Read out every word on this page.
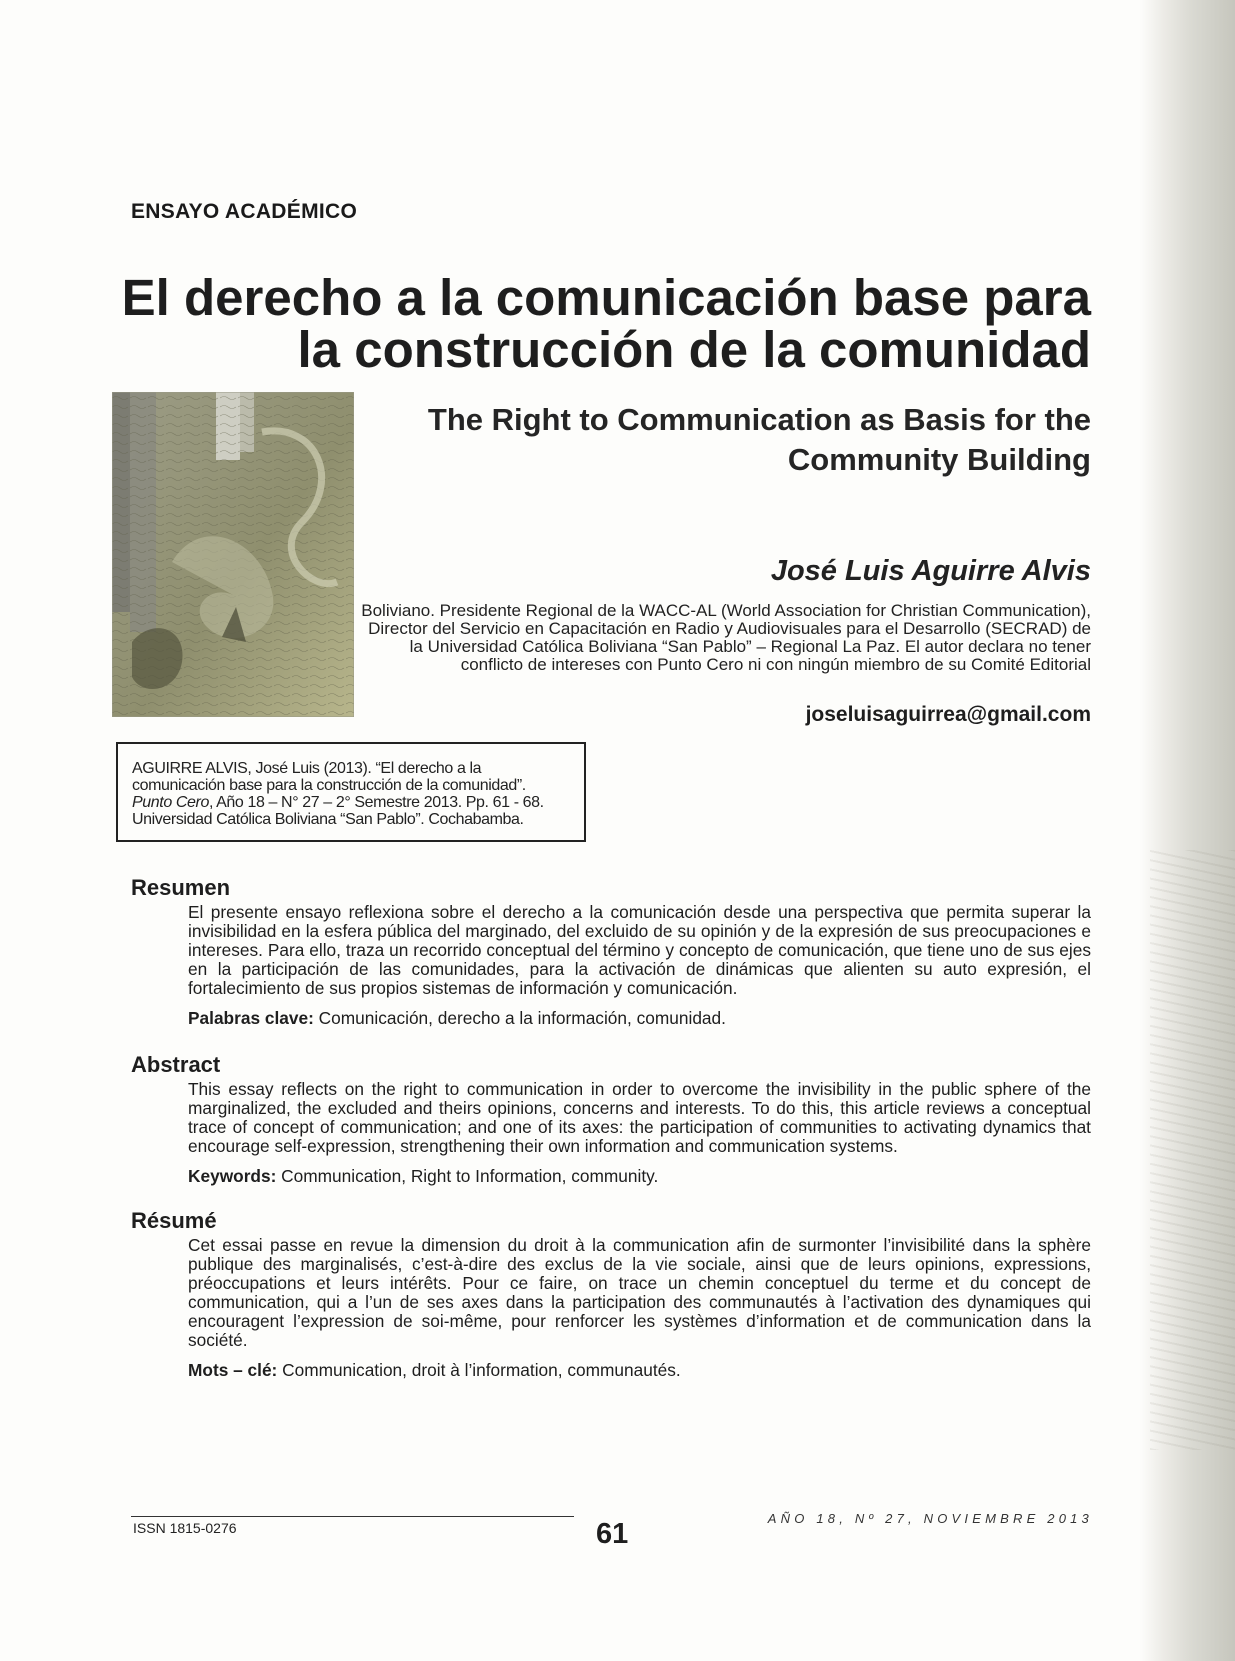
ENSAYO ACADÉMICO
El derecho a la comunicación base para la construcción de la comunidad
The Right to Communication as Basis for the Community Building
José Luis Aguirre Alvis

Boliviano. Presidente Regional de la WACC-AL (World Association for Christian Communication), Director del Servicio en Capacitación en Radio y Audiovisuales para el Desarrollo (SECRAD) de la Universidad Católica Boliviana “San Pablo” – Regional La Paz. El autor declara no tener conflicto de intereses con Punto Cero ni con ningún miembro de su Comité Editorial

joseluisaguirrea@gmail.com
AGUIRRE ALVIS, José Luis (2013). “El derecho a la comunicación base para la construcción de la comunidad”. Punto Cero, Año 18 – N° 27 – 2° Semestre 2013. Pp. 61 - 68. Universidad Católica Boliviana “San Pablo”. Cochabamba.
Resumen

El presente ensayo reflexiona sobre el derecho a la comunicación desde una perspectiva que permita superar la invisibilidad en la esfera pública del marginado, del excluido de su opinión y de la expresión de sus preocupaciones e intereses. Para ello, traza un recorrido conceptual del término y concepto de comunicación, que tiene uno de sus ejes en la participación de las comunidades, para la activación de dinámicas que alienten su auto expresión, el fortalecimiento de sus propios sistemas de información y comunicación.

Palabras clave: Comunicación, derecho a la información, comunidad.

Abstract

This essay reflects on the right to communication in order to overcome the invisibility in the public sphere of the marginalized, the excluded and theirs opinions, concerns and interests. To do this, this article reviews a conceptual trace of concept of communication; and one of its axes: the participation of communities to activating dynamics that encourage self-expression, strengthening their own information and communication systems.

Keywords: Communication, Right to Information, community.

Résumé

Cet essai passe en revue la dimension du droit à la communication afin de surmonter l’invisibilité dans la sphère publique des marginalisés, c’est-à-dire des exclus de la vie sociale, ainsi que de leurs opinions, expressions, préoccupations et leurs intérêts. Pour ce faire, on trace un chemin conceptuel du terme et du concept de communication, qui a l’un de ses axes dans la participation des communautés à l’activation des dynamiques qui encouragent l’expression de soi-même, pour renforcer les systèmes d’information et de communication dans la société.

Mots – clé: Communication, droit à l’information, communautés.

ISSN 1815-0276	61	AÑO 18, Nº 27, NOVIEMBRE 2013
